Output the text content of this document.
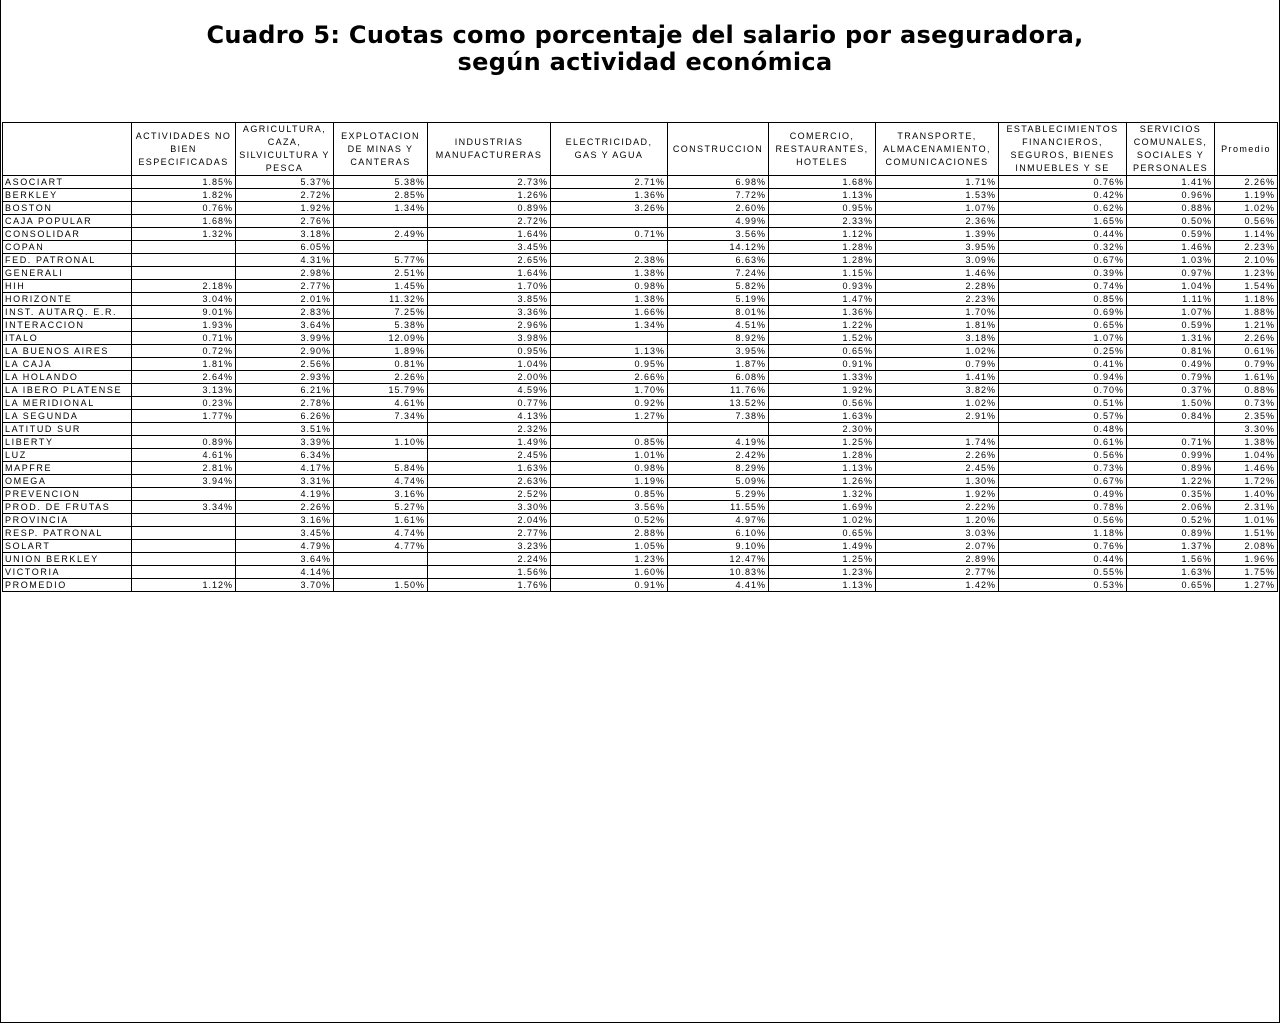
Cuadro 5: Cuotas como porcentaje del salario por aseguradora,
según actividad económica
	ACTIVIDADES NO BIEN ESPECIFICADAS	AGRICULTURA, CAZA, SILVICULTURA Y PESCA	EXPLOTACION DE MINAS Y CANTERAS	INDUSTRIAS MANUFACTURERAS	ELECTRICIDAD, GAS Y AGUA	CONSTRUCCION	COMERCIO, RESTAURANTES, HOTELES	TRANSPORTE, ALMACENAMIENTO, COMUNICACIONES	ESTABLECIMIENTOS FINANCIEROS, SEGUROS, BIENES INMUEBLES Y SE	SERVICIOS COMUNALES, SOCIALES Y PERSONALES	Promedio
ASOCIART	1.85%	5.37%	5.38%	2.73%	2.71%	6.98%	1.68%	1.71%	0.76%	1.41%	2.26%
BERKLEY	1.82%	2.72%	2.85%	1.26%	1.36%	7.72%	1.13%	1.53%	0.42%	0.96%	1.19%
BOSTON	0.76%	1.92%	1.34%	0.89%	3.26%	2.60%	0.95%	1.07%	0.62%	0.88%	1.02%
CAJA POPULAR	1.68%	2.76%		2.72%		4.99%	2.33%	2.36%	1.65%	0.50%	0.56%
CONSOLIDAR	1.32%	3.18%	2.49%	1.64%	0.71%	3.56%	1.12%	1.39%	0.44%	0.59%	1.14%
COPAN		6.05%		3.45%		14.12%	1.28%	3.95%	0.32%	1.46%	2.23%
FED. PATRONAL		4.31%	5.77%	2.65%	2.38%	6.63%	1.28%	3.09%	0.67%	1.03%	2.10%
GENERALI		2.98%	2.51%	1.64%	1.38%	7.24%	1.15%	1.46%	0.39%	0.97%	1.23%
HIH	2.18%	2.77%	1.45%	1.70%	0.98%	5.82%	0.93%	2.28%	0.74%	1.04%	1.54%
HORIZONTE	3.04%	2.01%	11.32%	3.85%	1.38%	5.19%	1.47%	2.23%	0.85%	1.11%	1.18%
INST. AUTARQ. E.R.	9.01%	2.83%	7.25%	3.36%	1.66%	8.01%	1.36%	1.70%	0.69%	1.07%	1.88%
INTERACCION	1.93%	3.64%	5.38%	2.96%	1.34%	4.51%	1.22%	1.81%	0.65%	0.59%	1.21%
ITALO	0.71%	3.99%	12.09%	3.98%		8.92%	1.52%	3.18%	1.07%	1.31%	2.26%
LA BUENOS AIRES	0.72%	2.90%	1.89%	0.95%	1.13%	3.95%	0.65%	1.02%	0.25%	0.81%	0.61%
LA CAJA	1.81%	2.56%	0.81%	1.04%	0.95%	1.87%	0.91%	0.79%	0.41%	0.49%	0.79%
LA HOLANDO	2.64%	2.93%	2.26%	2.00%	2.66%	6.08%	1.33%	1.41%	0.94%	0.79%	1.61%
LA IBERO PLATENSE	3.13%	6.21%	15.79%	4.59%	1.70%	11.76%	1.92%	3.82%	0.70%	0.37%	0.88%
LA MERIDIONAL	0.23%	2.78%	4.61%	0.77%	0.92%	13.52%	0.56%	1.02%	0.51%	1.50%	0.73%
LA SEGUNDA	1.77%	6.26%	7.34%	4.13%	1.27%	7.38%	1.63%	2.91%	0.57%	0.84%	2.35%
LATITUD SUR		3.51%		2.32%			2.30%		0.48%		3.30%
LIBERTY	0.89%	3.39%	1.10%	1.49%	0.85%	4.19%	1.25%	1.74%	0.61%	0.71%	1.38%
LUZ	4.61%	6.34%		2.45%	1.01%	2.42%	1.28%	2.26%	0.56%	0.99%	1.04%
MAPFRE	2.81%	4.17%	5.84%	1.63%	0.98%	8.29%	1.13%	2.45%	0.73%	0.89%	1.46%
OMEGA	3.94%	3.31%	4.74%	2.63%	1.19%	5.09%	1.26%	1.30%	0.67%	1.22%	1.72%
PREVENCION		4.19%	3.16%	2.52%	0.85%	5.29%	1.32%	1.92%	0.49%	0.35%	1.40%
PROD. DE FRUTAS	3.34%	2.26%	5.27%	3.30%	3.56%	11.55%	1.69%	2.22%	0.78%	2.06%	2.31%
PROVINCIA		3.16%	1.61%	2.04%	0.52%	4.97%	1.02%	1.20%	0.56%	0.52%	1.01%
RESP. PATRONAL		3.45%	4.74%	2.77%	2.88%	6.10%	0.65%	3.03%	1.18%	0.89%	1.51%
SOLART		4.79%	4.77%	3.23%	1.05%	9.10%	1.49%	2.07%	0.76%	1.37%	2.08%
UNION BERKLEY		3.64%		2.24%	1.23%	12.47%	1.25%	2.89%	0.44%	1.56%	1.96%
VICTORIA		4.14%		1.56%	1.60%	10.83%	1.23%	2.77%	0.55%	1.63%	1.75%
PROMEDIO	1.12%	3.70%	1.50%	1.76%	0.91%	4.41%	1.13%	1.42%	0.53%	0.65%	1.27%
